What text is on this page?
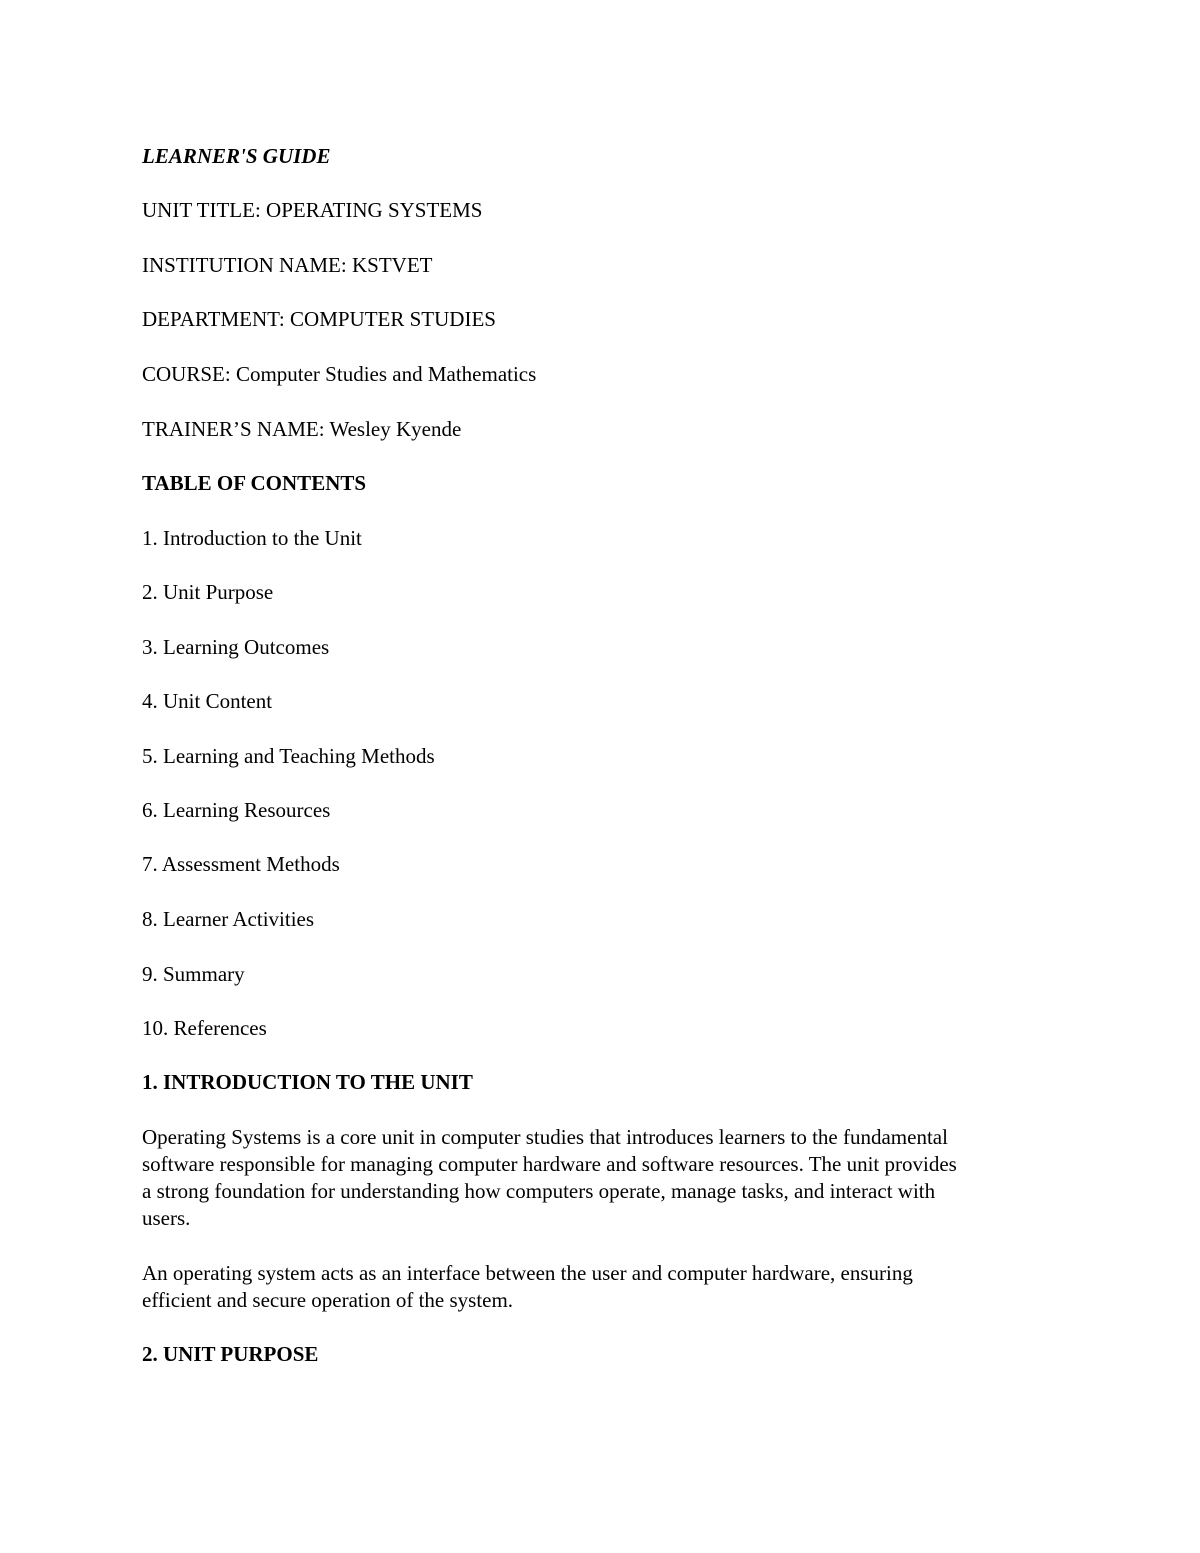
LEARNER'S GUIDE

UNIT TITLE: OPERATING SYSTEMS

INSTITUTION NAME: KSTVET

DEPARTMENT: COMPUTER STUDIES

COURSE: Computer Studies and Mathematics

TRAINER’S NAME: Wesley Kyende

TABLE OF CONTENTS

1. Introduction to the Unit

2. Unit Purpose

3. Learning Outcomes

4. Unit Content

5. Learning and Teaching Methods

6. Learning Resources

7. Assessment Methods

8. Learner Activities

9. Summary

10. References

1. INTRODUCTION TO THE UNIT

Operating Systems is a core unit in computer studies that introduces learners to the fundamental
software responsible for managing computer hardware and software resources. The unit provides
a strong foundation for understanding how computers operate, manage tasks, and interact with
users.
An operating system acts as an interface between the user and computer hardware, ensuring
efficient and secure operation of the system.

2. UNIT PURPOSE
